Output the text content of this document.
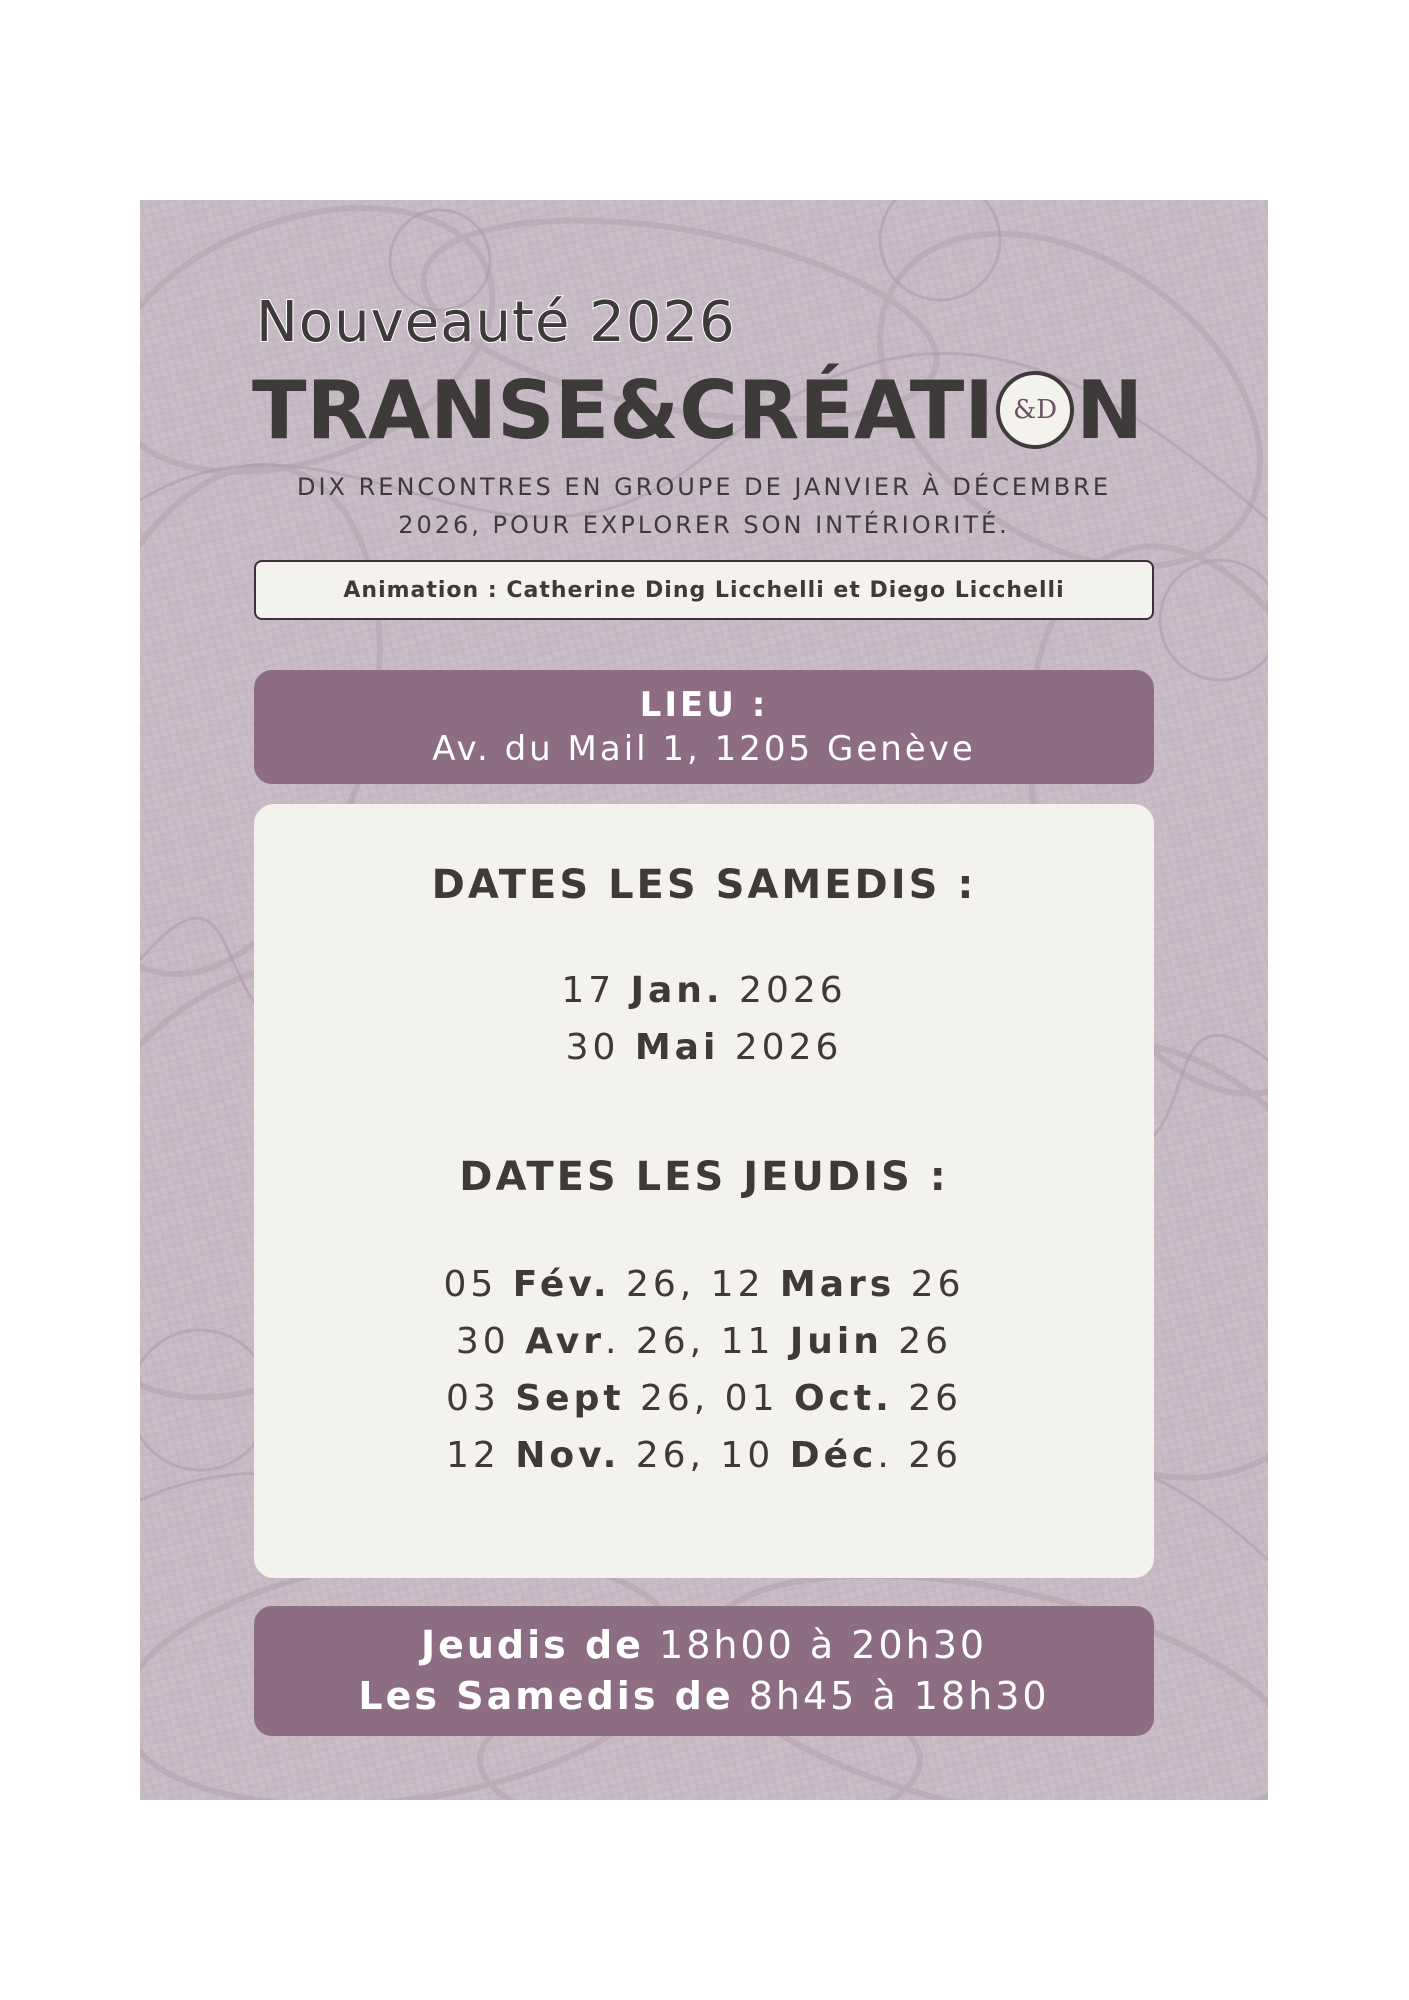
Nouveauté 2026
TRANSE&CRÉATI &D N
DIX RENCONTRES EN GROUPE DE JANVIER À DÉCEMBRE
2026, POUR EXPLORER SON INTÉRIORITÉ.
Animation : Catherine Ding Licchelli et Diego Licchelli
LIEU :
Av. du Mail 1, 1205 Genève
DATES LES SAMEDIS :
17 Jan. 2026
30 Mai 2026
DATES LES JEUDIS :
05 Fév. 26, 12 Mars 26
30 Avr. 26, 11 Juin 26
03 Sept 26, 01 Oct. 26
12 Nov. 26, 10 Déc. 26
Jeudis de 18h00 à 20h30
Les Samedis de 8h45 à 18h30
